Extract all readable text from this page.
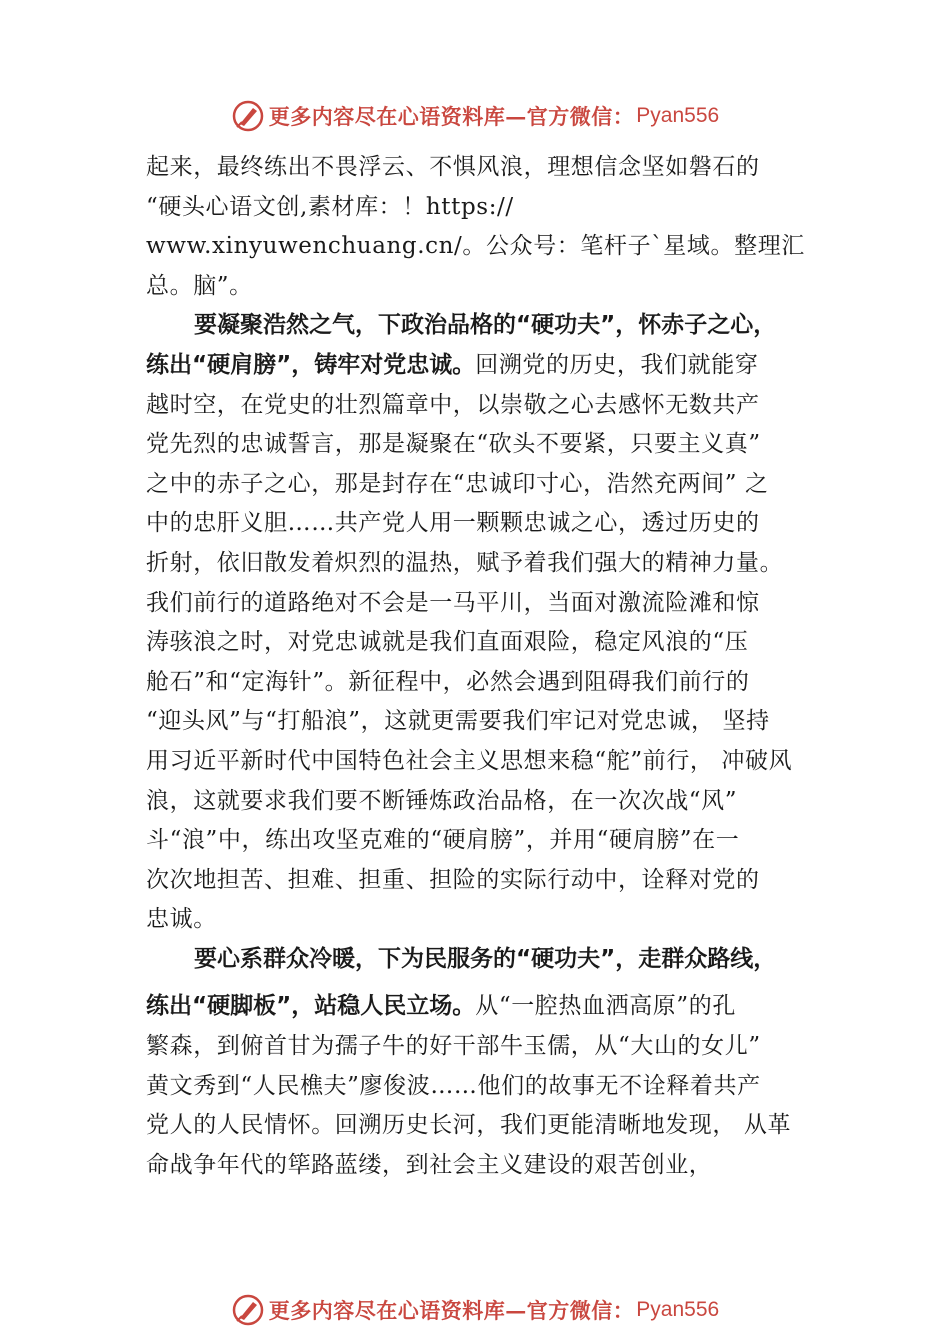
更多内容尽在心语资料库—官方微信： Pyan556
起来，最终练出不畏浮云、不惧风浪，理想信念坚如磐石的
“硬头心语文创,素材库：！https://
www.xinyuwenchuang.cn/。公众号：笔杆子`星域。整理汇
总。脑”。
要凝聚浩然之气，下政治品格的“硬功夫”，怀赤子之心，
练出“硬肩膀”，铸牢对党忠诚。回溯党的历史，我们就能穿
越时空，在党史的壮烈篇章中，以崇敬之心去感怀无数共产
党先烈的忠诚誓言，那是凝聚在“砍头不要紧，只要主义真”
之中的赤子之心，那是封存在“忠诚印寸心，浩然充两间” 之
中的忠肝义胆……共产党人用一颗颗忠诚之心，透过历史的
折射，依旧散发着炽烈的温热，赋予着我们强大的精神力量。
我们前行的道路绝对不会是一马平川，当面对激流险滩和惊
涛骇浪之时，对党忠诚就是我们直面艰险，稳定风浪的“压
舱石”和“定海针”。新征程中，必然会遇到阻碍我们前行的
“迎头风”与“打船浪”，这就更需要我们牢记对党忠诚， 坚持
用习近平新时代中国特色社会主义思想来稳“舵”前行， 冲破风
浪，这就要求我们要不断锤炼政治品格，在一次次战“风”
斗“浪”中，练出攻坚克难的“硬肩膀”，并用“硬肩膀”在一
次次地担苦、担难、担重、担险的实际行动中，诠释对党的
忠诚。
要心系群众冷暖，下为民服务的“硬功夫”，走群众路线，
练出“硬脚板”，站稳人民立场。从“一腔热血洒高原”的孔
繁森，到俯首甘为孺子牛的好干部牛玉儒，从“大山的女儿”
黄文秀到“人民樵夫”廖俊波……他们的故事无不诠释着共产
党人的人民情怀。回溯历史长河，我们更能清晰地发现， 从革
命战争年代的筚路蓝缕，到社会主义建设的艰苦创业，
更多内容尽在心语资料库—官方微信： Pyan556
